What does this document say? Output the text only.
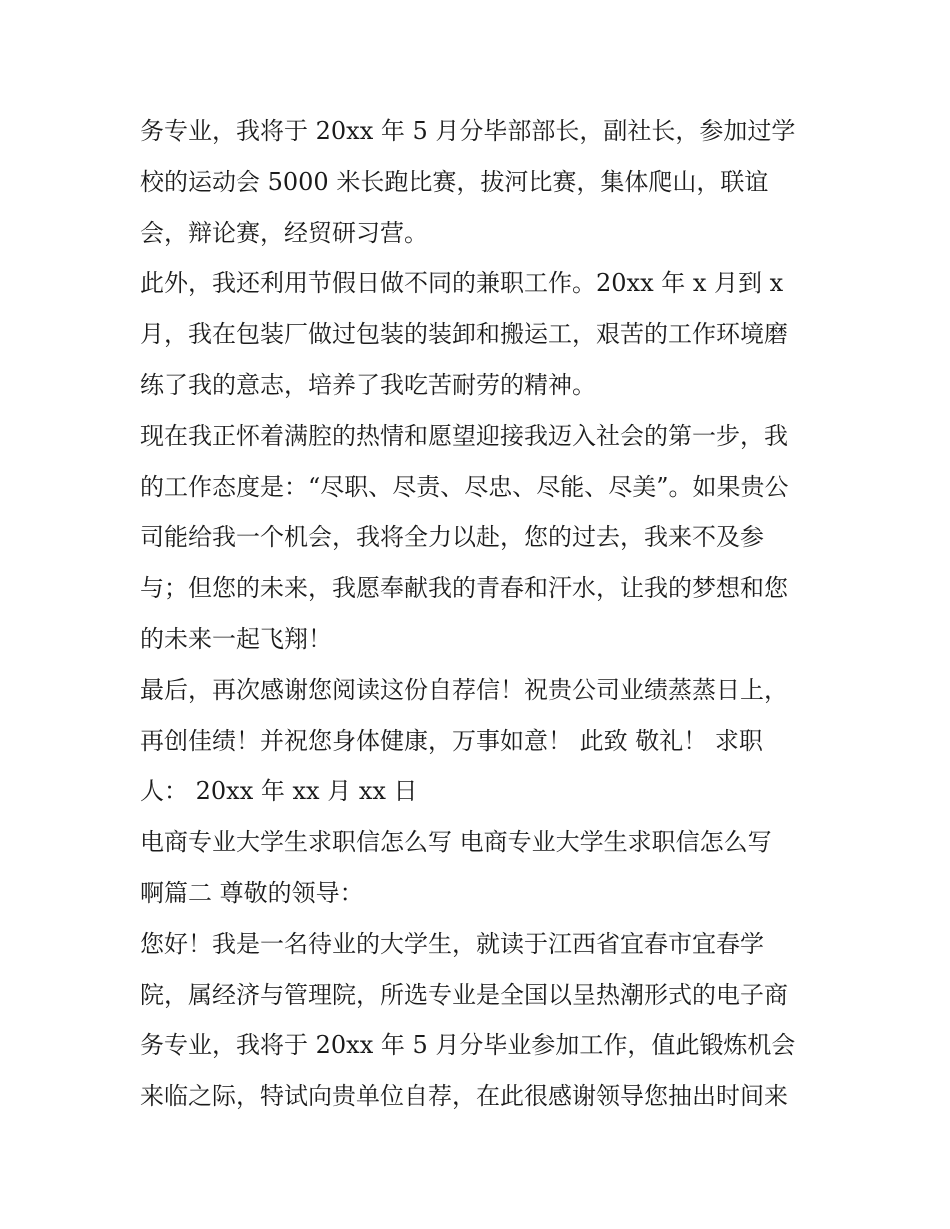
务专业，我将于 20xx 年 5 月分毕部部长，副社长，参加过学
校的运动会 5000 米长跑比赛，拔河比赛，集体爬山，联谊
会，辩论赛，经贸研习营。
此外，我还利用节假日做不同的兼职工作。20xx 年 x 月到 x
月，我在包装厂做过包装的装卸和搬运工，艰苦的工作环境磨
练了我的意志，培养了我吃苦耐劳的精神。
现在我正怀着满腔的热情和愿望迎接我迈入社会的第一步，我
的工作态度是：“尽职、尽责、尽忠、尽能、尽美”。如果贵公
司能给我一个机会，我将全力以赴，您的过去，我来不及参
与；但您的未来，我愿奉献我的青春和汗水，让我的梦想和您
的未来一起飞翔！
最后，再次感谢您阅读这份自荐信！祝贵公司业绩蒸蒸日上，
再创佳绩！并祝您身体健康，万事如意！ 此致 敬礼！ 求职
人： 20xx 年 xx 月 xx 日
电商专业大学生求职信怎么写 电商专业大学生求职信怎么写
啊篇二 尊敬的领导：
您好！我是一名待业的大学生，就读于江西省宜春市宜春学
院，属经济与管理院，所选专业是全国以呈热潮形式的电子商
务专业，我将于 20xx 年 5 月分毕业参加工作，值此锻炼机会
来临之际，特试向贵单位自荐，在此很感谢领导您抽出时间来
